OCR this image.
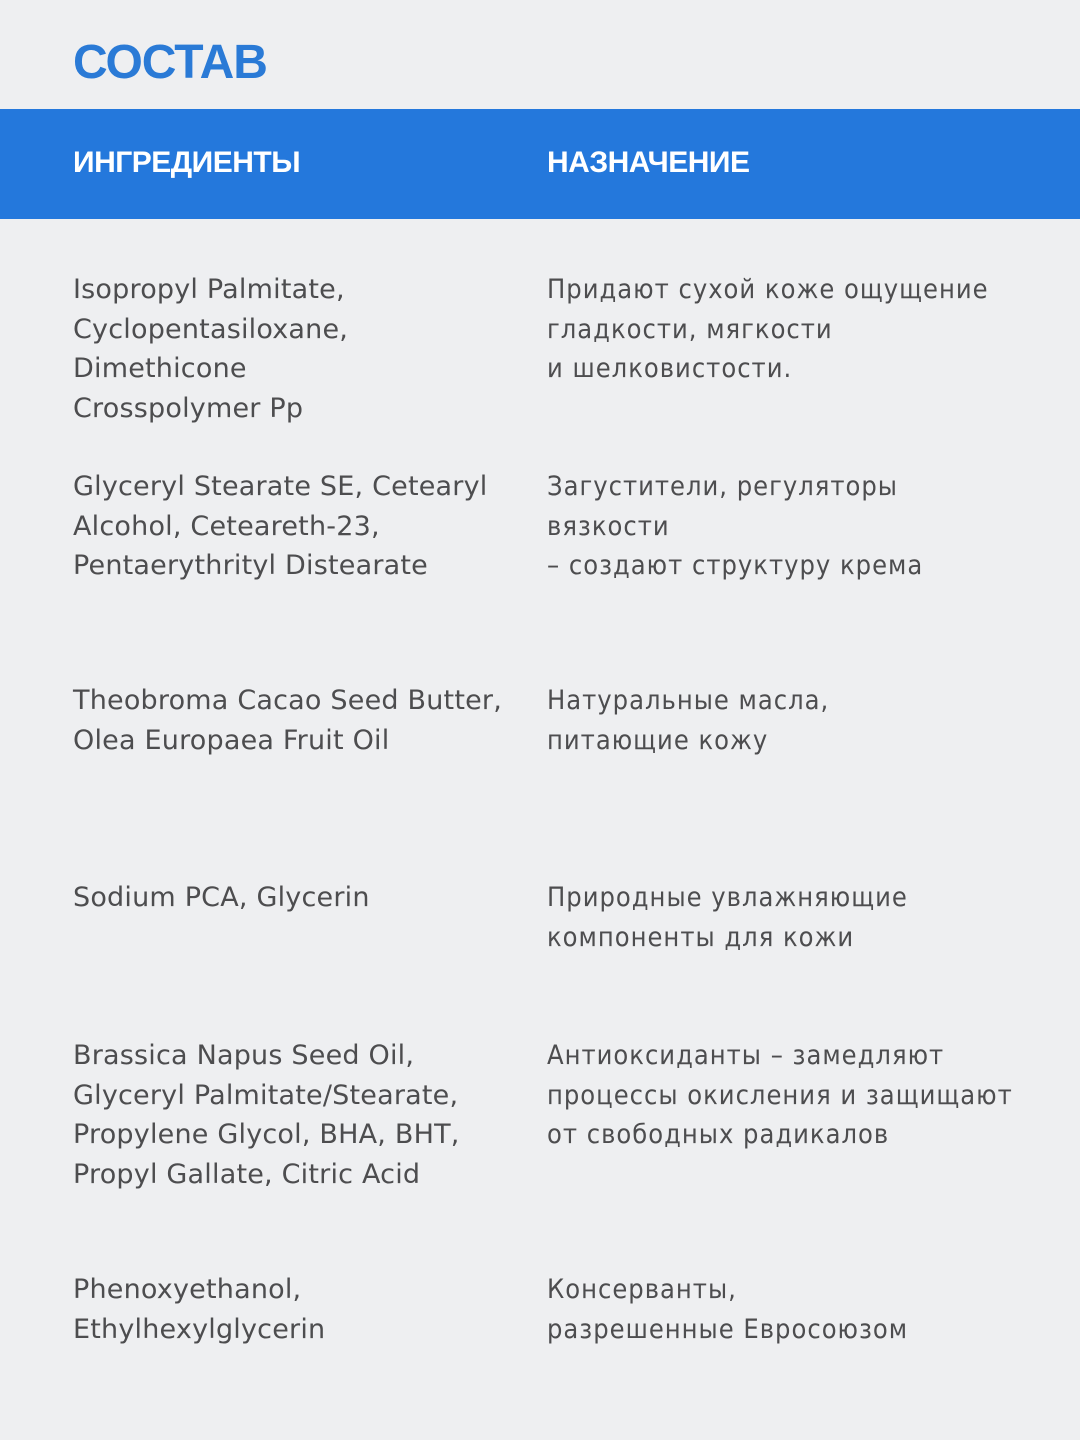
СОСТАВ
ИНГРЕДИЕНТЫ	НАЗНАЧЕНИЕ
Isopropyl Palmitate,
Cyclopentasiloxane, Dimethicone
Crosspolymer Pp
Придают сухой коже ощущение
гладкости, мягкости
и шелковистости.
Glyceryl Stearate SE, Cetearyl
Alcohol, Ceteareth-23,
Pentaerythrityl Distearate
Загустители, регуляторы вязкости
– создают структуру крема
Theobroma Cacao Seed Butter,
Olea Europaea Fruit Oil
Натуральные масла,
питающие кожу
Sodium PCA, Glycerin	Природные увлажняющие
компоненты для кожи
Brassica Napus Seed Oil,
Glyceryl Palmitate/Stearate,
Propylene Glycol, BHA, BHT,
Propyl Gallate, Citric Acid
Антиоксиданты – замедляют
процессы окисления и защищают
от свободных радикалов
Phenoxyethanol,
Ethylhexylglycerin
Консерванты,
разрешенные Евросоюзом
